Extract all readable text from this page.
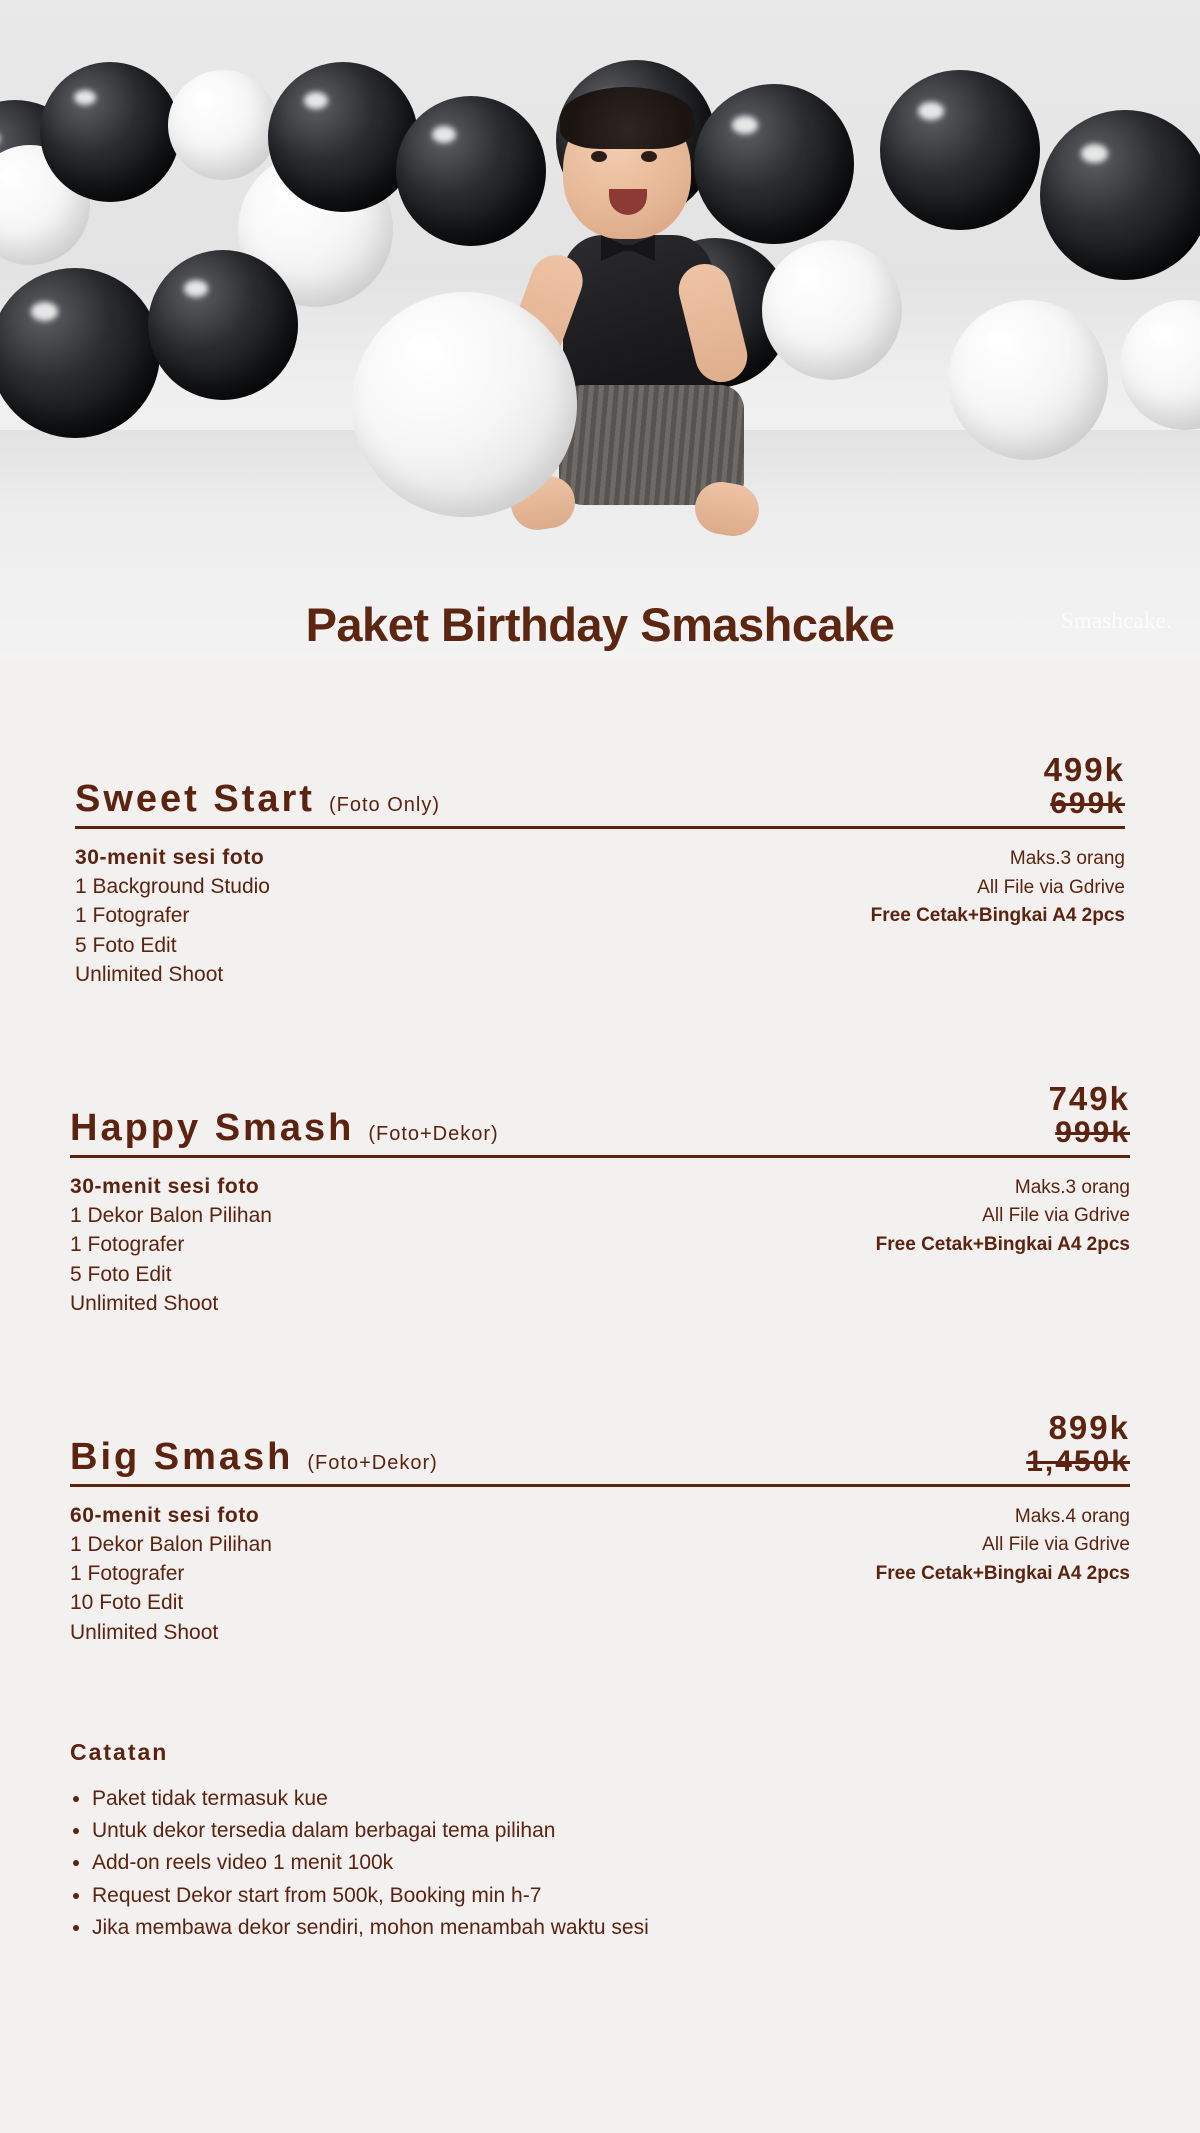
Smashcake.
Paket Birthday Smashcake
Sweet Start (Foto Only)
499k
699k
30-menit sesi foto
1 Background Studio
1 Fotografer
5 Foto Edit
Unlimited Shoot
Maks.3 orang
All File via Gdrive
Free Cetak+Bingkai A4 2pcs
Happy Smash (Foto+Dekor)
749k
999k
30-menit sesi foto
1 Dekor Balon Pilihan
1 Fotografer
5 Foto Edit
Unlimited Shoot
Maks.3 orang
All File via Gdrive
Free Cetak+Bingkai A4 2pcs
Big Smash (Foto+Dekor)
899k
1,450k
60-menit sesi foto
1 Dekor Balon Pilihan
1 Fotografer
10 Foto Edit
Unlimited Shoot
Maks.4 orang
All File via Gdrive
Free Cetak+Bingkai A4 2pcs
Catatan
• Paket tidak termasuk kue
• Untuk dekor tersedia dalam berbagai tema pilihan
• Add-on reels video 1 menit 100k
• Request Dekor start from 500k, Booking min h-7
• Jika membawa dekor sendiri, mohon menambah waktu sesi
